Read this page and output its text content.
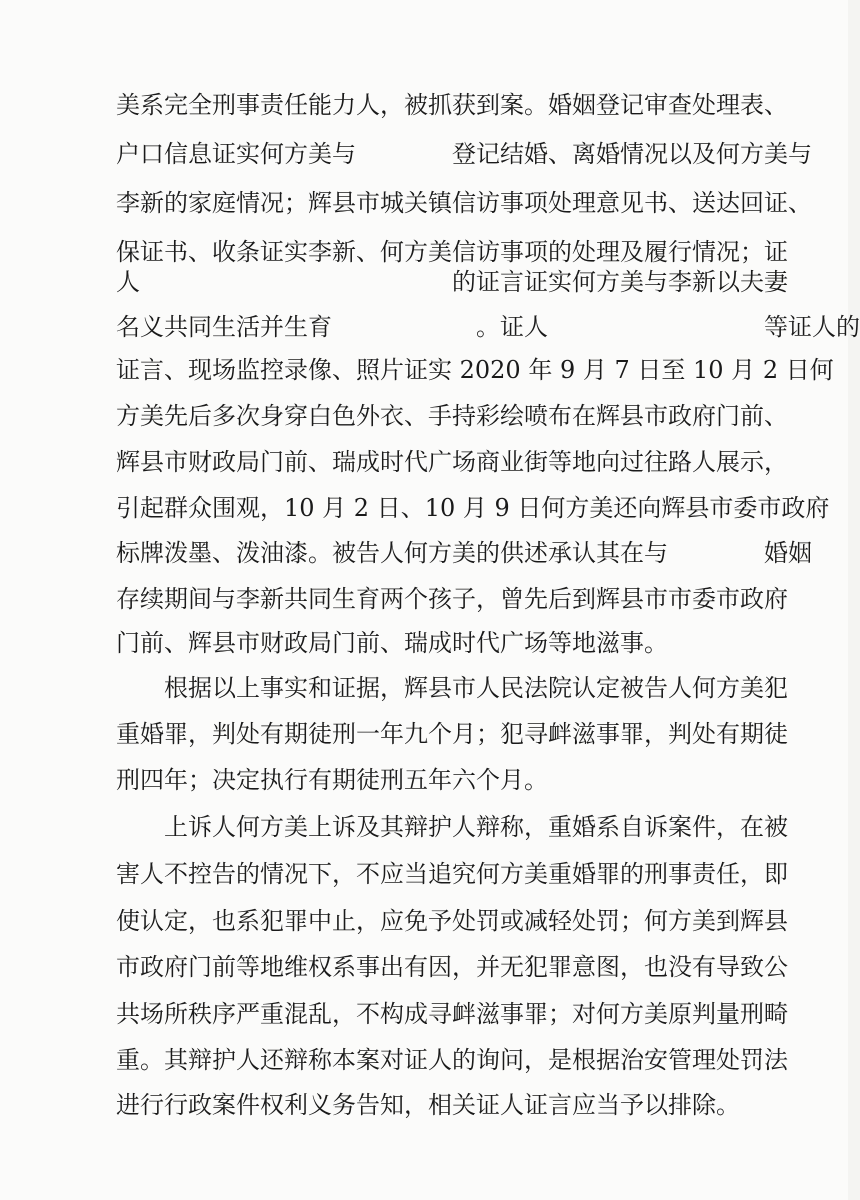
美系完全刑事责任能力人，被抓获到案。婚姻登记审查处理表、
户口信息证实何方美与　　　　登记结婚、离婚情况以及何方美与
李新的家庭情况；辉县市城关镇信访事项处理意见书、送达回证、
保证书、收条证实李新、何方美信访事项的处理及履行情况；证
人　　　　　　　　　　　　　的证言证实何方美与李新以夫妻
名义共同生活并生育　　　　　　。证人　　　　　　　　　等证人的
证言、现场监控录像、照片证实 2020 年 9 月 7 日至 10 月 2 日何
方美先后多次身穿白色外衣、手持彩绘喷布在辉县市政府门前、
辉县市财政局门前、瑞成时代广场商业街等地向过往路人展示，
引起群众围观，10 月 2 日、10 月 9 日何方美还向辉县市委市政府
标牌泼墨、泼油漆。被告人何方美的供述承认其在与　　　　婚姻
存续期间与李新共同生育两个孩子，曾先后到辉县市市委市政府
门前、辉县市财政局门前、瑞成时代广场等地滋事。
根据以上事实和证据，辉县市人民法院认定被告人何方美犯
重婚罪，判处有期徒刑一年九个月；犯寻衅滋事罪，判处有期徒
刑四年；决定执行有期徒刑五年六个月。
上诉人何方美上诉及其辩护人辩称，重婚系自诉案件，在被
害人不控告的情况下，不应当追究何方美重婚罪的刑事责任，即
使认定，也系犯罪中止，应免予处罚或减轻处罚；何方美到辉县
市政府门前等地维权系事出有因，并无犯罪意图，也没有导致公
共场所秩序严重混乱，不构成寻衅滋事罪；对何方美原判量刑畸
重。其辩护人还辩称本案对证人的询问，是根据治安管理处罚法
进行行政案件权利义务告知，相关证人证言应当予以排除。
